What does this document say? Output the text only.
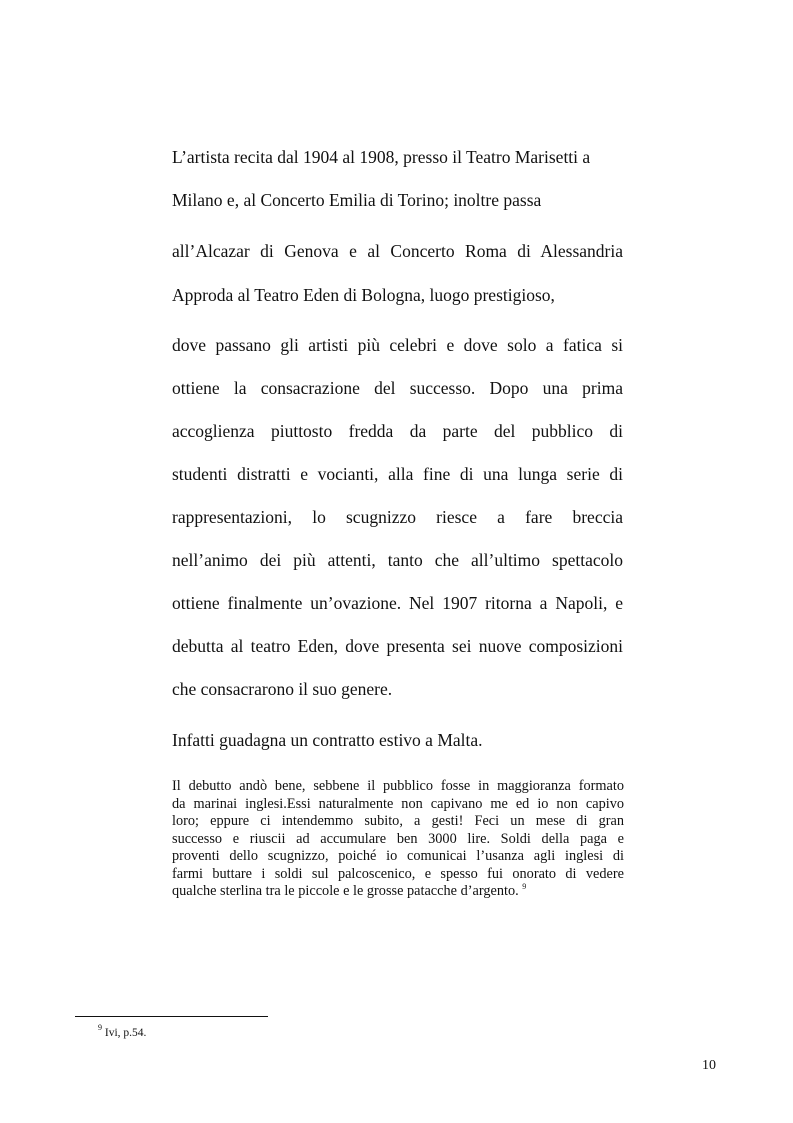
L’artista recita dal 1904 al 1908, presso il Teatro Marisetti a
Milano e, al Concerto Emilia di Torino; inoltre passa
all’Alcazar di Genova e al Concerto Roma di Alessandria
Approda al Teatro Eden di Bologna, luogo prestigioso,
dove passano gli artisti più celebri e dove solo a fatica si
ottiene la consacrazione del successo. Dopo una prima
accoglienza piuttosto fredda da parte del pubblico di
studenti distratti e vocianti, alla fine di una lunga serie di
rappresentazioni, lo scugnizzo riesce a fare breccia
nell’animo dei più attenti, tanto che all’ultimo spettacolo
ottiene finalmente un’ovazione. Nel 1907 ritorna a Napoli, e
debutta al teatro Eden, dove presenta sei nuove composizioni
che consacrarono il suo genere.
Infatti guadagna un contratto estivo a Malta.
Il debutto andò bene, sebbene il pubblico fosse in maggioranza formato
da marinai inglesi.Essi naturalmente non capivano me ed io non capivo
loro; eppure ci intendemmo subito, a gesti! Feci un mese di gran
successo e riuscii ad accumulare ben 3000 lire. Soldi della paga e
proventi dello scugnizzo, poiché io comunicai l’usanza agli inglesi di
farmi buttare i soldi sul palcoscenico, e spesso fui onorato di vedere
qualche sterlina tra le piccole e le grosse patacche d’argento. $^9$
$^9$ Ivi, p.54.
10
